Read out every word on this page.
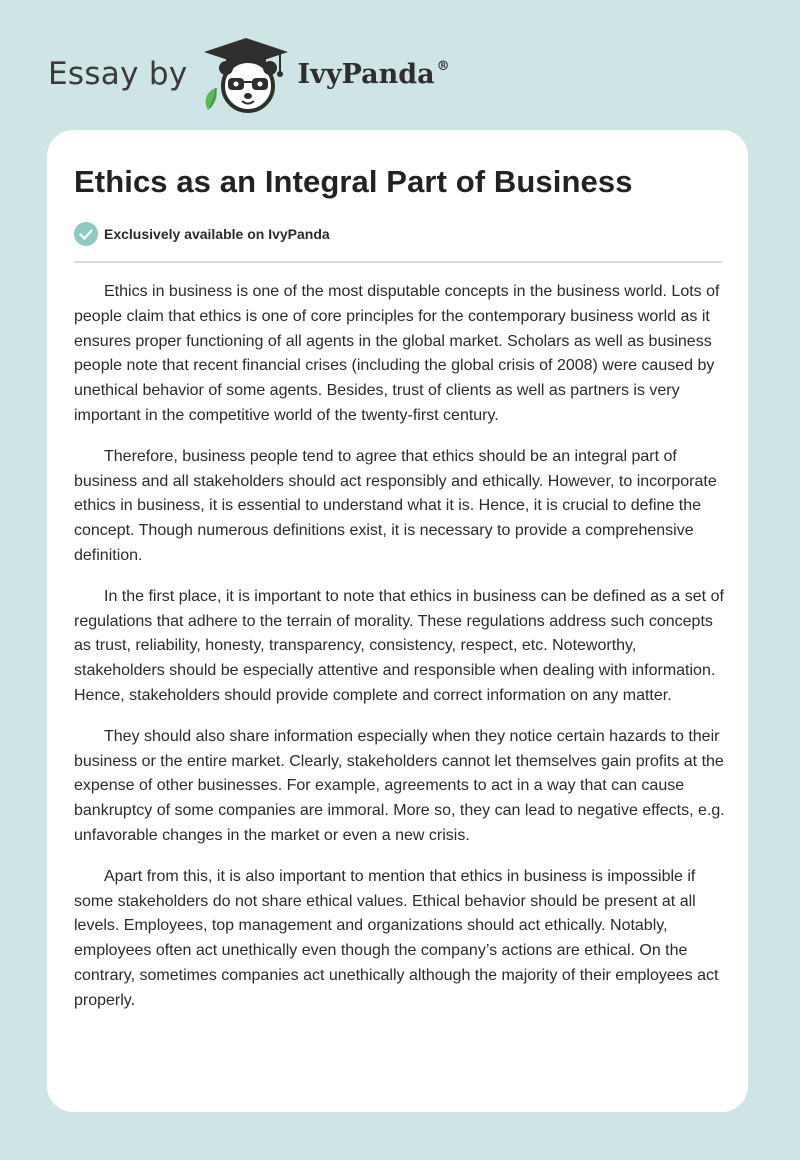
Essay by	IvyPanda ®
Ethics as an Integral Part of Business
Exclusively available on IvyPanda

Ethics in business is one of the most disputable concepts in the business world. Lots of people claim that ethics is one of core principles for the contemporary business world as it ensures proper functioning of all agents in the global market. Scholars as well as business people note that recent financial crises (including the global crisis of 2008) were caused by unethical behavior of some agents. Besides, trust of clients as well as partners is very important in the competitive world of the twenty-first century.

Therefore, business people tend to agree that ethics should be an integral part of business and all stakeholders should act responsibly and ethically. However, to incorporate ethics in business, it is essential to understand what it is. Hence, it is crucial to define the concept. Though numerous definitions exist, it is necessary to provide a comprehensive definition.

In the first place, it is important to note that ethics in business can be defined as a set of regulations that adhere to the terrain of morality. These regulations address such concepts as trust, reliability, honesty, transparency, consistency, respect, etc. Noteworthy, stakeholders should be especially attentive and responsible when dealing with information. Hence, stakeholders should provide complete and correct information on any matter.

They should also share information especially when they notice certain hazards to their business or the entire market. Clearly, stakeholders cannot let themselves gain profits at the expense of other businesses. For example, agreements to act in a way that can cause bankruptcy of some companies are immoral. More so, they can lead to negative effects, e.g. unfavorable changes in the market or even a new crisis.

Apart from this, it is also important to mention that ethics in business is impossible if some stakeholders do not share ethical values. Ethical behavior should be present at all levels. Employees, top management and organizations should act ethically. Notably, employees often act unethically even though the company’s actions are ethical. On the contrary, sometimes companies act unethically although the majority of their employees act properly.
